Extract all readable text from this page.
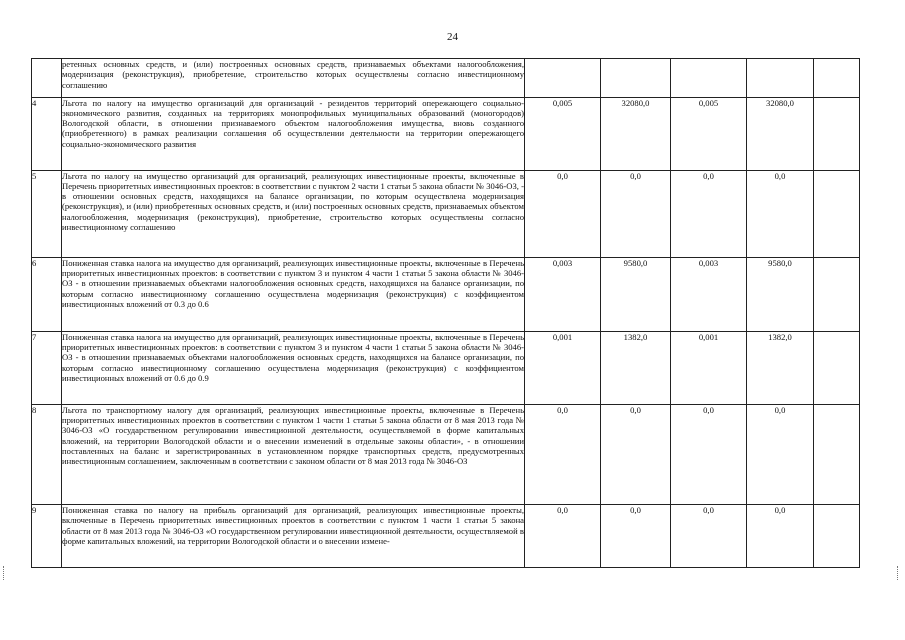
24
	ретенных основных средств, и (или) построенных основных средств, признаваемых объектами налогообложения, модернизация (реконструкция), приобретение, строительство которых осуществлены согласно инвестиционному соглашению					
4	Льгота по налогу на имущество организаций для организаций - резидентов территорий опережающего социально-экономического развития, созданных на территориях монопрофильных муниципальных образований (моногородов) Вологодской области, в отношении признаваемого объектом налогообложения имущества, вновь созданного (приобретенного) в рамках реализации соглашения об осуществлении деятельности на территории опережающего социально-экономического развития	0,005	32080,0	0,005	32080,0	
5	Льгота по налогу на имущество организаций для организаций, реализующих инвестиционные проекты, включенные в Перечень приоритетных инвестиционных проектов: в соответствии с пунктом 2 части 1 статьи 5 закона области № 3046-ОЗ, - в отношении основных средств, находящихся на балансе организации, по которым осуществлена модернизация (реконструкция), и (или) приобретенных основных средств, и (или) построенных основных средств, признаваемых объектом налогообложения, модернизация (реконструкция), приобретение, строительство которых осуществлены согласно инвестиционному соглашению	0,0	0,0	0,0	0,0	
6	Пониженная ставка налога на имущество для организаций, реализующих инвестиционные проекты, включенные в Перечень приоритетных инвестиционных проектов: в соответствии с пунктом 3 и пунктом 4 части 1 статьи 5 закона области № 3046-ОЗ - в отношении признаваемых объектами налогообложения основных средств, находящихся на балансе организации, по которым согласно инвестиционному соглашению осуществлена модернизация (реконструкция) с коэффициентом инвестиционных вложений от 0.3 до 0.6	0,003	9580,0	0,003	9580,0	
7	Пониженная ставка налога на имущество для организаций, реализующих инвестиционные проекты, включенные в Перечень приоритетных инвестиционных проектов: в соответствии с пунктом 3 и пунктом 4 части 1 статьи 5 закона области № 3046-ОЗ - в отношении признаваемых объектами налогообложения основных средств, находящихся на балансе организации, по которым согласно инвестиционному соглашению осуществлена модернизация (реконструкция) с коэффициентом инвестиционных вложений от 0.6 до 0.9	0,001	1382,0	0,001	1382,0	
8	Льгота по транспортному налогу для организаций, реализующих инвестиционные проекты, включенные в Перечень приоритетных инвестиционных проектов в соответствии с пунктом 1 части 1 статьи 5 закона области от 8 мая 2013 года № 3046-ОЗ «О государственном регулировании инвестиционной деятельности, осуществляемой в форме капитальных вложений, на территории Вологодской области и о внесении изменений в отдельные законы области», - в отношении поставленных на баланс и зарегистрированных в установленном порядке транспортных средств, предусмотренных инвестиционным соглашением, заключенным в соответствии с законом области от 8 мая 2013 года № 3046-ОЗ	0,0	0,0	0,0	0,0	
9	Пониженная ставка по налогу на прибыль организаций для организаций, реализующих инвестиционные проекты, включенные в Перечень приоритетных инвестиционных проектов в соответствии с пунктом 1 части 1 статьи 5 закона области от 8 мая 2013 года № 3046-ОЗ «О государственном регулировании инвестиционной деятельности, осуществляемой в форме капитальных вложений, на территории Вологодской области и о внесении измене-	0,0	0,0	0,0	0,0	
